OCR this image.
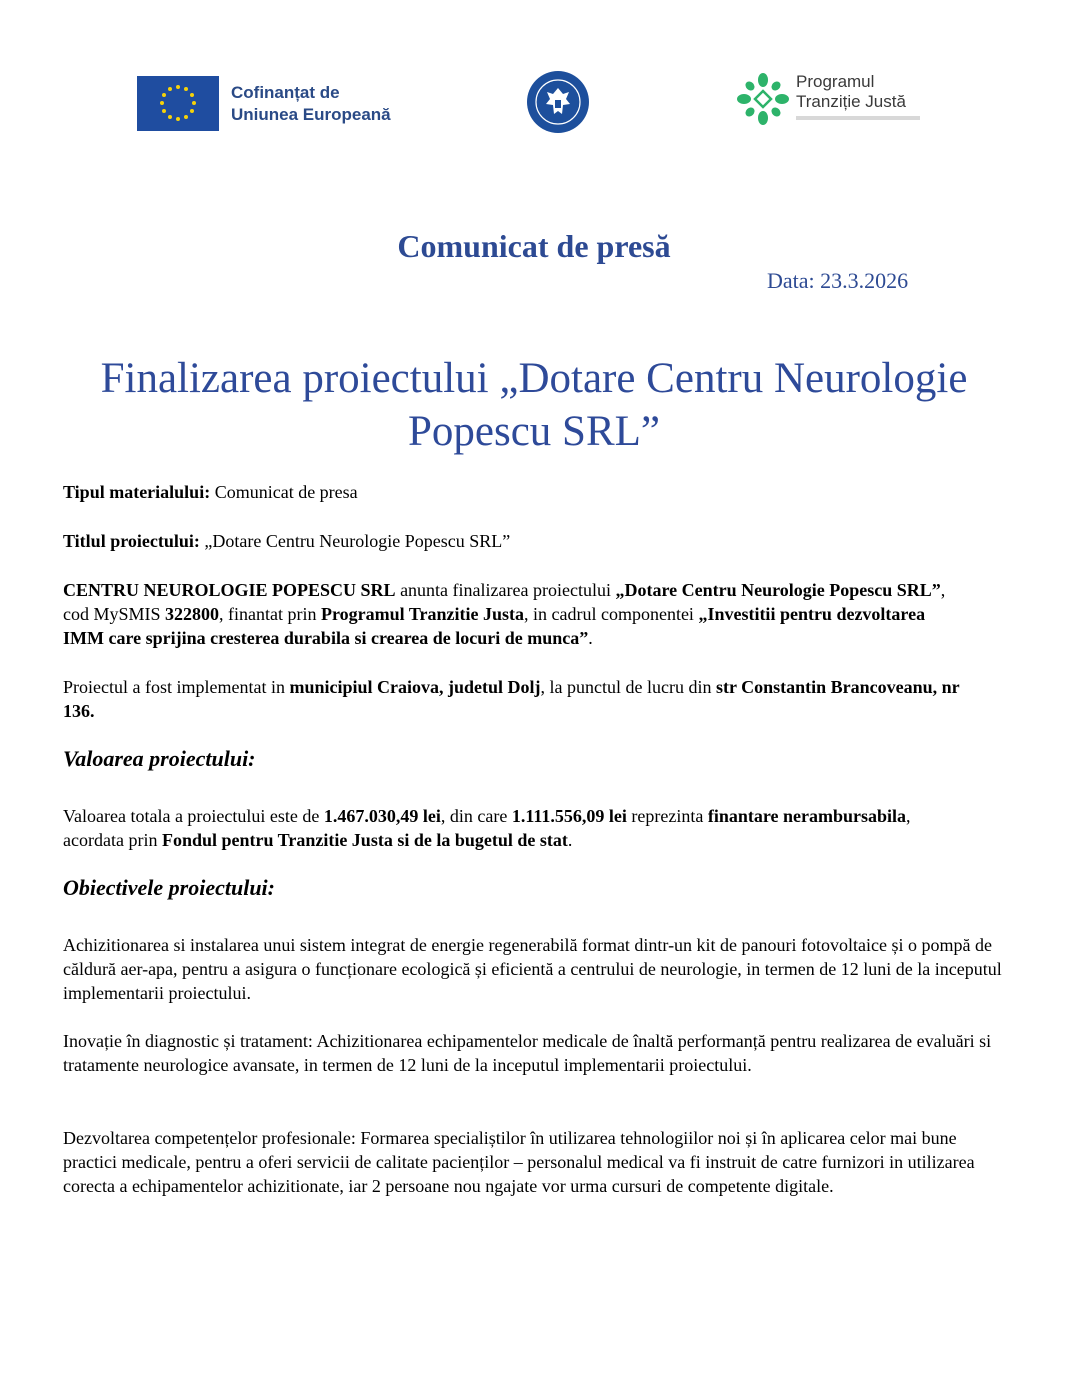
Cofinanțat de
Uniunea Europeană
Programul
Tranziție Justă
Comunicat de presă
Data: 23.3.2026
Finalizarea proiectului „Dotare Centru Neurologie
Popescu SRL”

Tipul materialului: Comunicat de presa

Titlul proiectului: „Dotare Centru Neurologie Popescu SRL”

CENTRU NEUROLOGIE POPESCU SRL anunta finalizarea proiectului „Dotare Centru Neurologie Popescu SRL”, cod MySMIS 322800, finantat prin Programul Tranzitie Justa, in cadrul componentei „Investitii pentru dezvoltarea IMM care sprijina cresterea durabila si crearea de locuri de munca”.

Proiectul a fost implementat in municipiul Craiova, judetul Dolj, la punctul de lucru din str Constantin Brancoveanu, nr 136.

Valoarea proiectului:

Valoarea totala a proiectului este de 1.467.030,49 lei, din care 1.111.556,09 lei reprezinta finantare nerambursabila, acordata prin Fondul pentru Tranzitie Justa si de la bugetul de stat.

Obiectivele proiectului:

Achizitionarea si instalarea unui sistem integrat de energie regenerabilă format dintr-un kit de panouri fotovoltaice și o pompă de căldură aer-apa, pentru a asigura o funcționare ecologică și eficientă a centrului de neurologie, in termen de 12 luni de la inceputul implementarii proiectului.

Inovație în diagnostic și tratament: Achizitionarea echipamentelor medicale de înaltă performanță pentru realizarea de evaluări si tratamente neurologice avansate, in termen de 12 luni de la inceputul implementarii proiectului.

Dezvoltarea competențelor profesionale: Formarea specialiștilor în utilizarea tehnologiilor noi și în aplicarea celor mai bune practici medicale, pentru a oferi servicii de calitate pacienților – personalul medical va fi instruit de catre furnizori in utilizarea corecta a echipamentelor achizitionate, iar 2 persoane nou ngajate vor urma cursuri de competente digitale.
